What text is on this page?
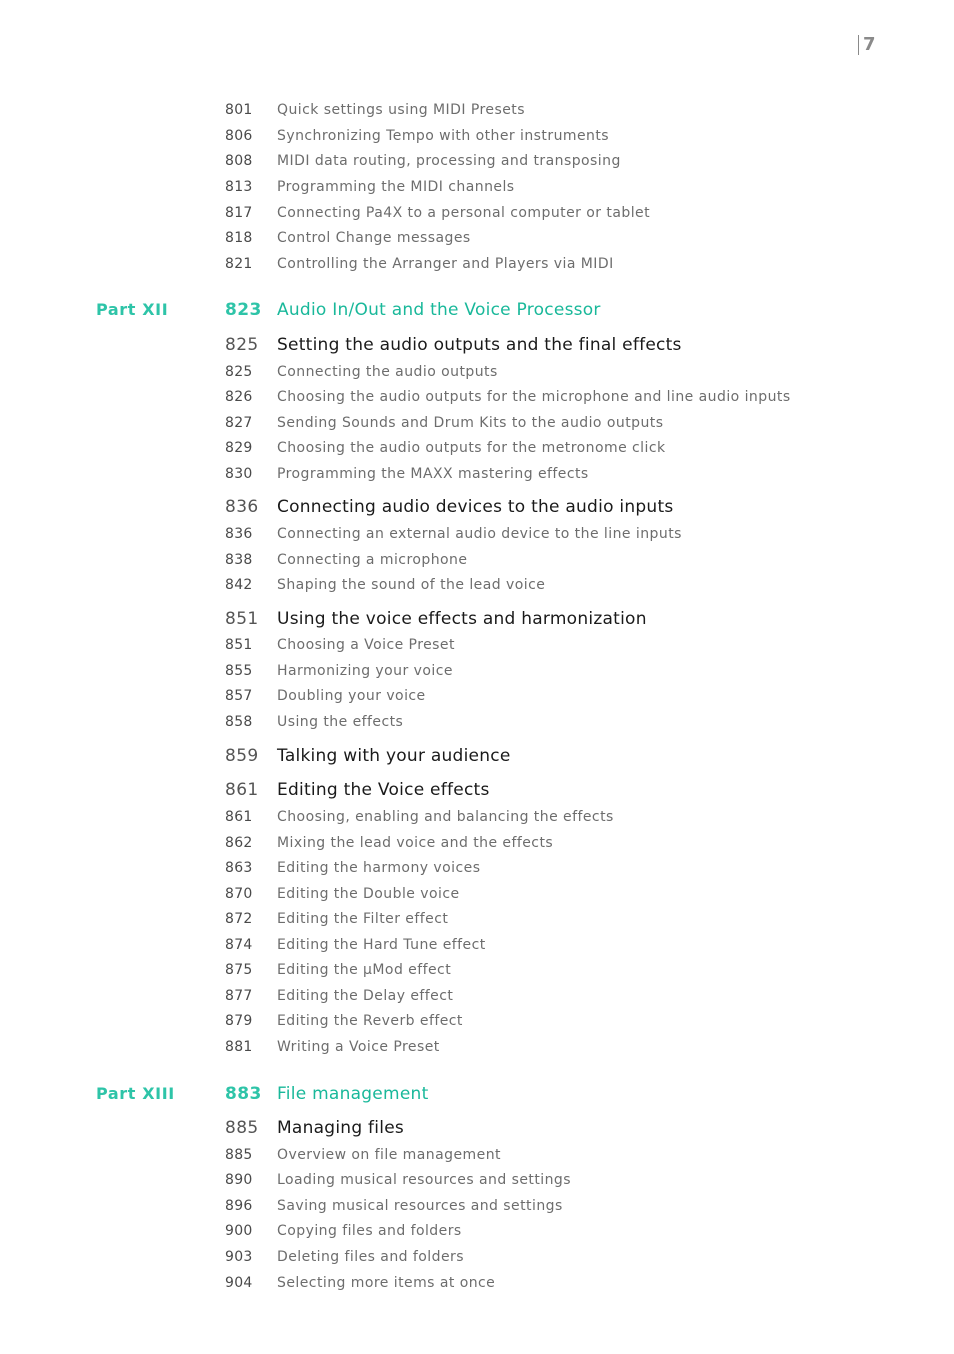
7
801 Quick settings using MIDI Presets
806 Synchronizing Tempo with other instruments
808 MIDI data routing, processing and transposing
813 Programming the MIDI channels
817 Connecting Pa4X to a personal computer or tablet
818 Control Change messages
821 Controlling the Arranger and Players via MIDI
Part XII	823 Audio In/Out and the Voice Processor
825 Setting the audio outputs and the final effects
825 Connecting the audio outputs
826 Choosing the audio outputs for the microphone and line audio inputs
827 Sending Sounds and Drum Kits to the audio outputs
829 Choosing the audio outputs for the metronome click
830 Programming the MAXX mastering effects
836 Connecting audio devices to the audio inputs
836 Connecting an external audio device to the line inputs
838 Connecting a microphone
842 Shaping the sound of the lead voice
851 Using the voice effects and harmonization
851 Choosing a Voice Preset
855 Harmonizing your voice
857 Doubling your voice
858 Using the effects
859 Talking with your audience
861 Editing the Voice effects
861 Choosing, enabling and balancing the effects
862 Mixing the lead voice and the effects
863 Editing the harmony voices
870 Editing the Double voice
872 Editing the Filter effect
874 Editing the Hard Tune effect
875 Editing the µMod effect
877 Editing the Delay effect
879 Editing the Reverb effect
881 Writing a Voice Preset
Part XIII	883 File management
885 Managing files
885 Overview on file management
890 Loading musical resources and settings
896 Saving musical resources and settings
900 Copying files and folders
903 Deleting files and folders
904 Selecting more items at once
